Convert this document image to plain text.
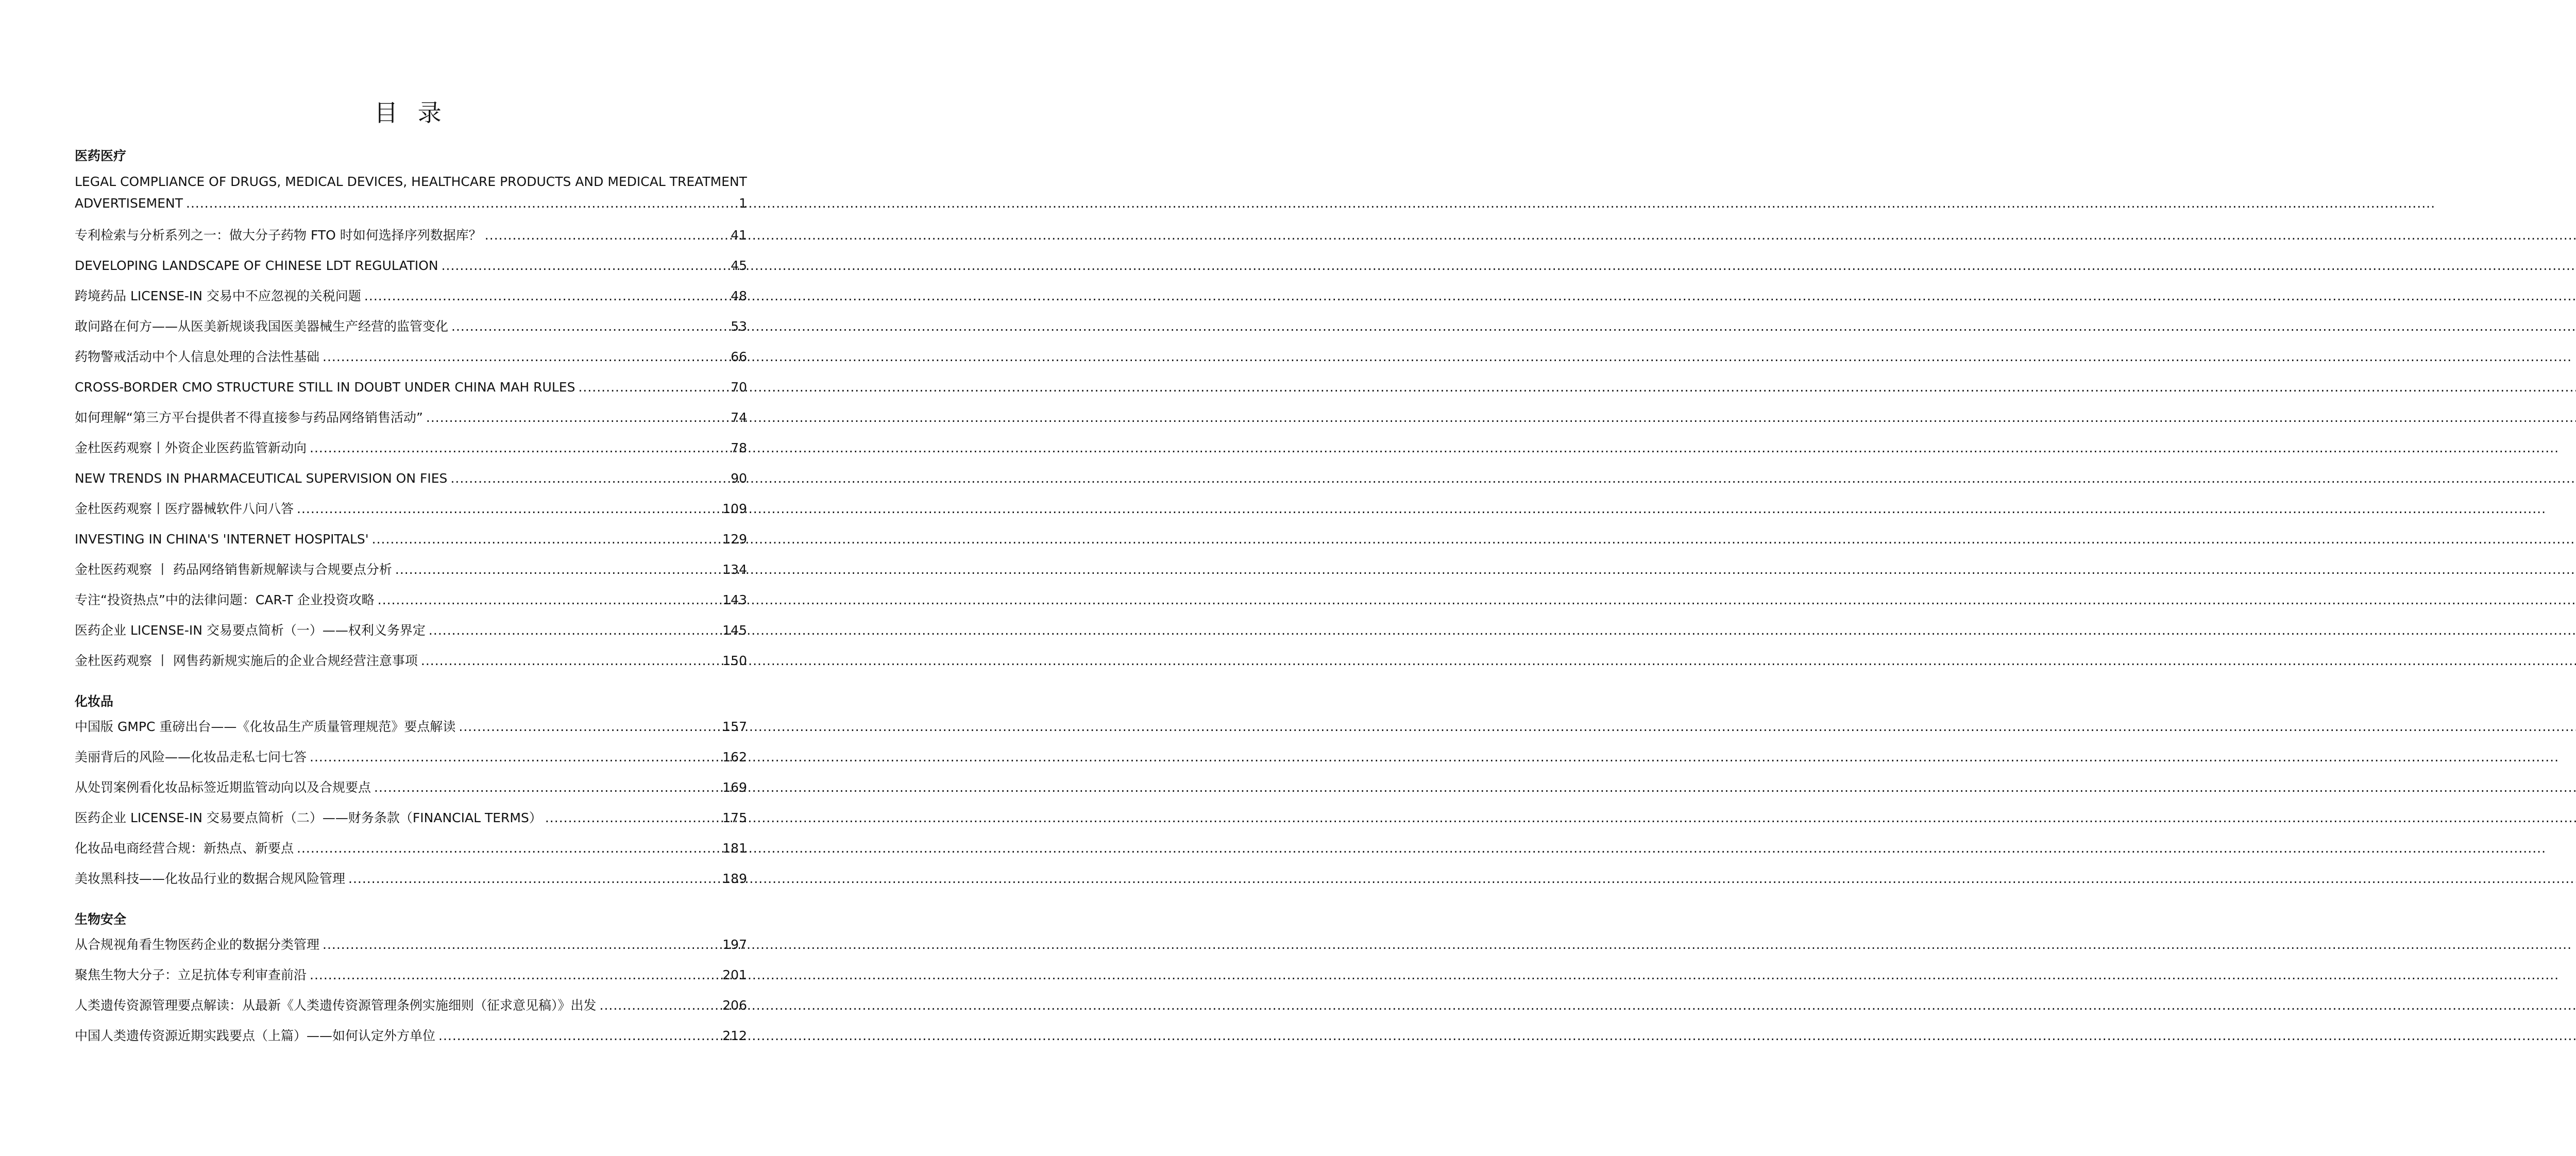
目 录
医药医疗
LEGAL COMPLIANCE OF DRUGS, MEDICAL DEVICES, HEALTHCARE PRODUCTS AND MEDICAL TREATMENT
ADVERTISEMENT .....	1
专利检索与分析系列之一：做大分子药物 FTO 时如何选择序列数据库？ .....	41
DEVELOPING LANDSCAPE OF CHINESE LDT REGULATION .....	45
跨境药品 LICENSE-IN 交易中不应忽视的关税问题 .....	48
敢问路在何方——从医美新规谈我国医美器械生产经营的监管变化 .....	53
药物警戒活动中个人信息处理的合法性基础 .....	66
CROSS-BORDER CMO STRUCTURE STILL IN DOUBT UNDER CHINA MAH RULES .....	70
如何理解“第三方平台提供者不得直接参与药品网络销售活动” .....	74
金杜医药观察丨外资企业医药监管新动向 .....	78
NEW TRENDS IN PHARMACEUTICAL SUPERVISION ON FIES .....	90
金杜医药观察丨医疗器械软件八问八答 .....	109
INVESTING IN CHINA'S 'INTERNET HOSPITALS' .....	129
金杜医药观察 丨 药品网络销售新规解读与合规要点分析 .....	134
专注“投资热点”中的法律问题：CAR-T 企业投资攻略 .....	143
医药企业 LICENSE-IN 交易要点简析（一）——权利义务界定 .....	145
金杜医药观察 丨 网售药新规实施后的企业合规经营注意事项 .....	150
化妆品
中国版 GMPC 重磅出台——《化妆品生产质量管理规范》要点解读 .....	157
美丽背后的风险——化妆品走私七问七答 .....	162
从处罚案例看化妆品标签近期监管动向以及合规要点 .....	169
医药企业 LICENSE-IN 交易要点简析（二）——财务条款（FINANCIAL TERMS） .....	175
化妆品电商经营合规：新热点、新要点 .....	181
美妆黑科技——化妆品行业的数据合规风险管理 .....	189
生物安全
从合规视角看生物医药企业的数据分类管理 .....	197
聚焦生物大分子：立足抗体专利审查前沿 .....	201
人类遗传资源管理要点解读：从最新《人类遗传资源管理条例实施细则（征求意见稿）》出发 .....	206
中国人类遗传资源近期实践要点（上篇）——如何认定外方单位 .....	212
